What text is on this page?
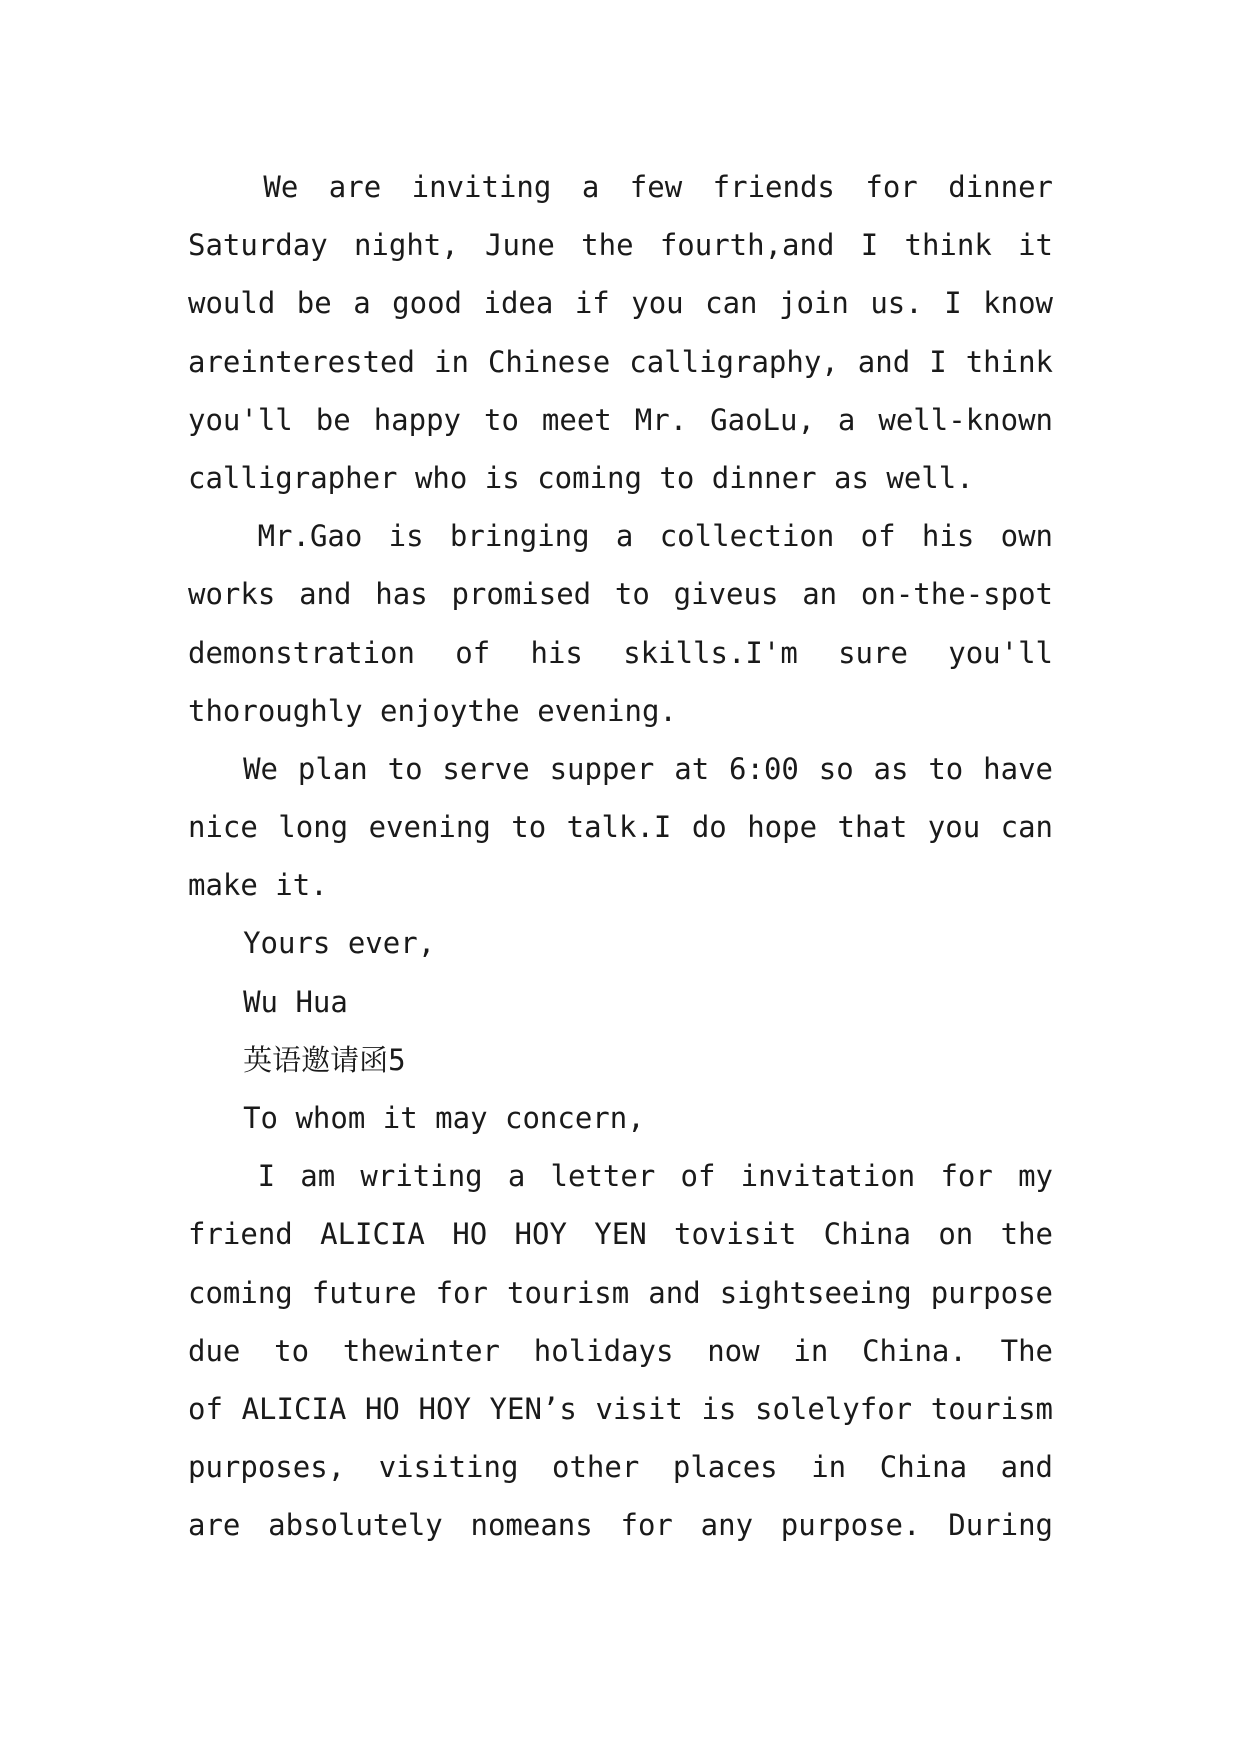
We are inviting a few friends for dinner
Saturday night, June the fourth,and I think it
would be a good idea if you can join us. I know
areinterested in Chinese calligraphy, and I think
you'll be happy to meet Mr. GaoLu, a well-known
calligrapher who is coming to dinner as well.
Mr.Gao is bringing a collection of his own
works and has promised to giveus an on-the-spot
demonstration of his skills.I'm sure you'll
thoroughly enjoythe evening.
We plan to serve supper at 6:00 so as to have
nice long evening to talk.I do hope that you can
make it.
Yours ever,
Wu Hua
英语邀请函5
To whom it may concern,
I am writing a letter of invitation for my
friend ALICIA HO HOY YEN tovisit China on the
coming future for tourism and sightseeing purpose
due to thewinter holidays now in China. The
of ALICIA HO HOY YEN’s visit is solelyfor tourism
purposes, visiting other places in China and
are absolutely nomeans for any purpose. During
